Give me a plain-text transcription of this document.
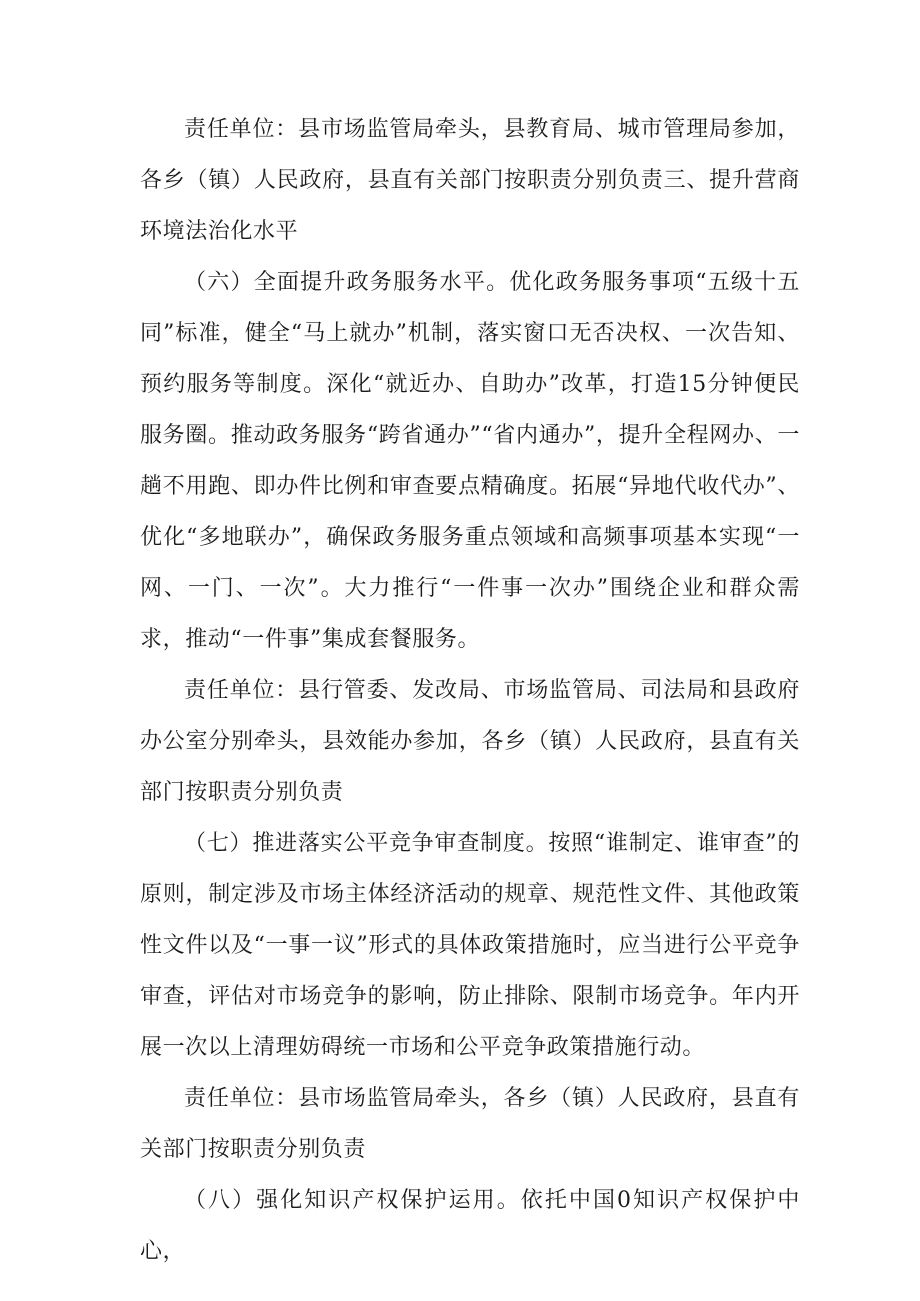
责任单位：县市场监管局牵头，县教育局、城市管理局参加，各乡（镇）人民政府，县直有关部门按职责分别负责三、提升营商环境法治化水平

（六）全面提升政务服务水平。优化政务服务事项“五级十五同”标准，健全“马上就办”机制，落实窗口无否决权、一次告知、预约服务等制度。深化“就近办、自助办”改革，打造15分钟便民服务圈。推动政务服务“跨省通办”“省内通办”，提升全程网办、一趟不用跑、即办件比例和审查要点精确度。拓展“异地代收代办”、优化“多地联办”，确保政务服务重点领域和高频事项基本实现“一网、一门、一次”。大力推行“一件事一次办”围绕企业和群众需求，推动“一件事”集成套餐服务。

责任单位：县行管委、发改局、市场监管局、司法局和县政府办公室分别牵头，县效能办参加，各乡（镇）人民政府，县直有关部门按职责分别负责

（七）推进落实公平竞争审查制度。按照“谁制定、谁审查”的原则，制定涉及市场主体经济活动的规章、规范性文件、其他政策性文件以及“一事一议”形式的具体政策措施时，应当进行公平竞争审查，评估对市场竞争的影响，防止排除、限制市场竞争。年内开展一次以上清理妨碍统一市场和公平竞争政策措施行动。

责任单位：县市场监管局牵头，各乡（镇）人民政府，县直有关部门按职责分别负责

（八）强化知识产权保护运用。依托中国0知识产权保护中心，
